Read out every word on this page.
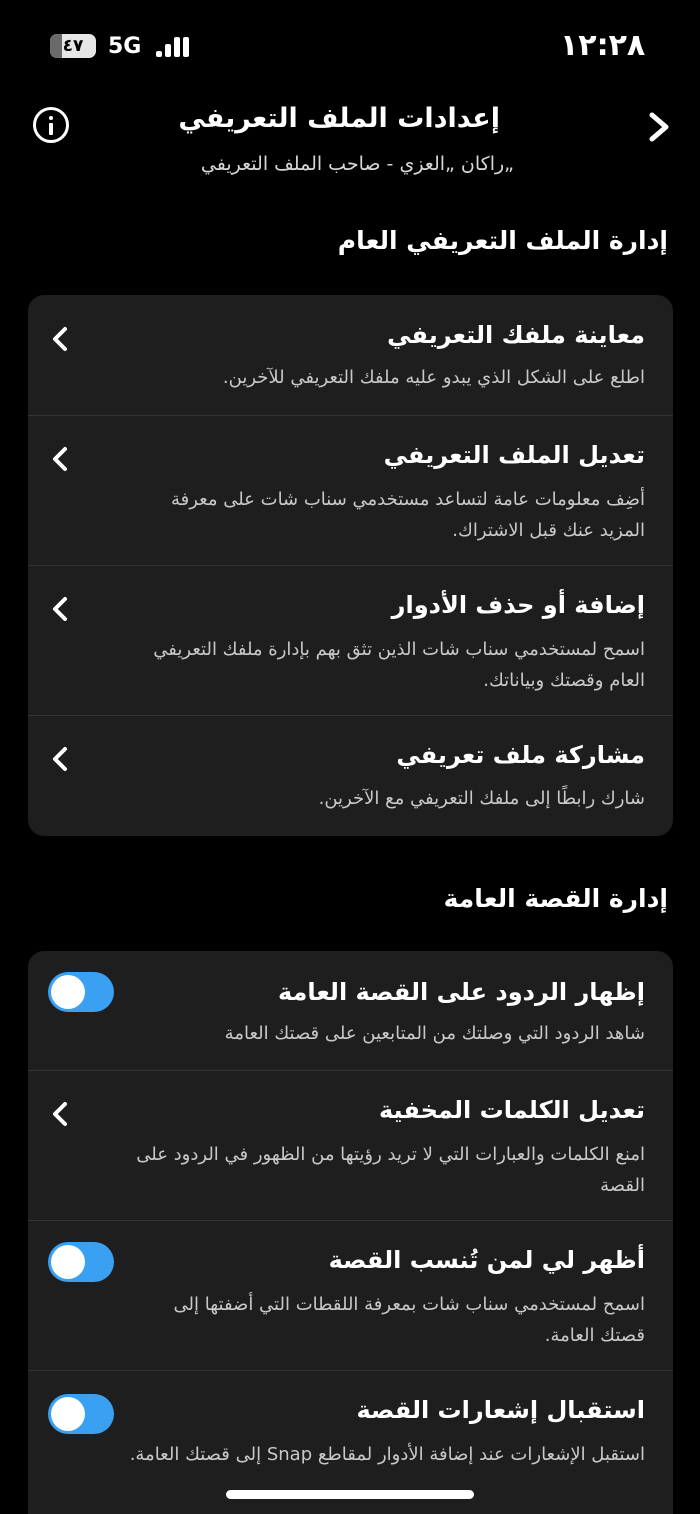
٤٧ 5G	١٢:٢٨
إعدادات الملف التعريفي
„راكان „العزي - صاحب الملف التعريفي
إدارة الملف التعريفي العام
معاينة ملفك التعريفي
اطلع على الشكل الذي يبدو عليه ملفك التعريفي للآخرين.
تعديل الملف التعريفي
أضِف معلومات عامة لتساعد مستخدمي سناب شات على معرفة المزيد عنك قبل الاشتراك.
إضافة أو حذف الأدوار
اسمح لمستخدمي سناب شات الذين تثق بهم بإدارة ملفك التعريفي العام وقصتك وبياناتك.
مشاركة ملف تعريفي
شارك رابطًا إلى ملفك التعريفي مع الآخرين.
إدارة القصة العامة
إظهار الردود على القصة العامة
شاهد الردود التي وصلتك من المتابعين على قصتك العامة
تعديل الكلمات المخفية
امنع الكلمات والعبارات التي لا تريد رؤيتها من الظهور في الردود على القصة
أظهر لي لمن تُنسب القصة
اسمح لمستخدمي سناب شات بمعرفة اللقطات التي أضفتها إلى قصتك العامة.
استقبال إشعارات القصة
استقبل الإشعارات عند إضافة الأدوار لمقاطع Snap إلى قصتك العامة.
